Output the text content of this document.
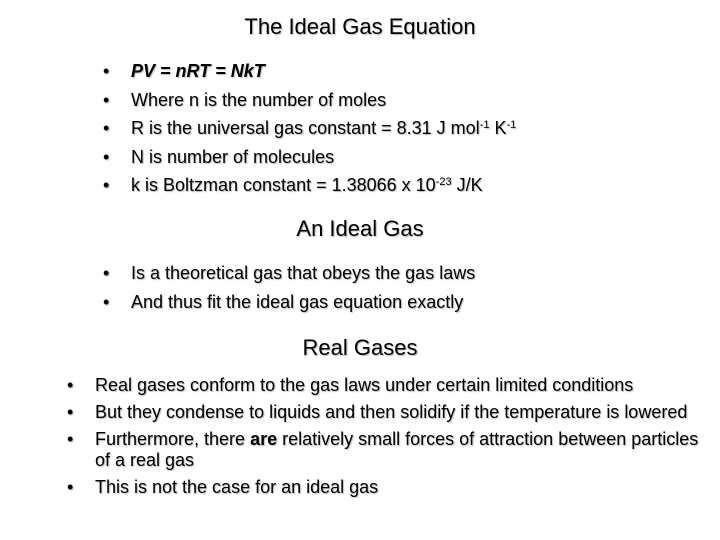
The Ideal Gas Equation
• PV = nRT = NkT
• Where n is the number of moles
• R is the universal gas constant = 8.31 J mol$^{-1}$ $K^{-1}$
• N is number of molecules
• k is Boltzman constant = 1.38066 x $10^{-23}$ J/K
An Ideal Gas
• Is a theoretical gas that obeys the gas laws
• And thus fit the ideal gas equation exactly
Real Gases
• Real gases conform to the gas laws under certain limited conditions
• But they condense to liquids and then solidify if the temperature is lowered
• Furthermore, there are relatively small forces of attraction between particles of a real gas
• This is not the case for an ideal gas
